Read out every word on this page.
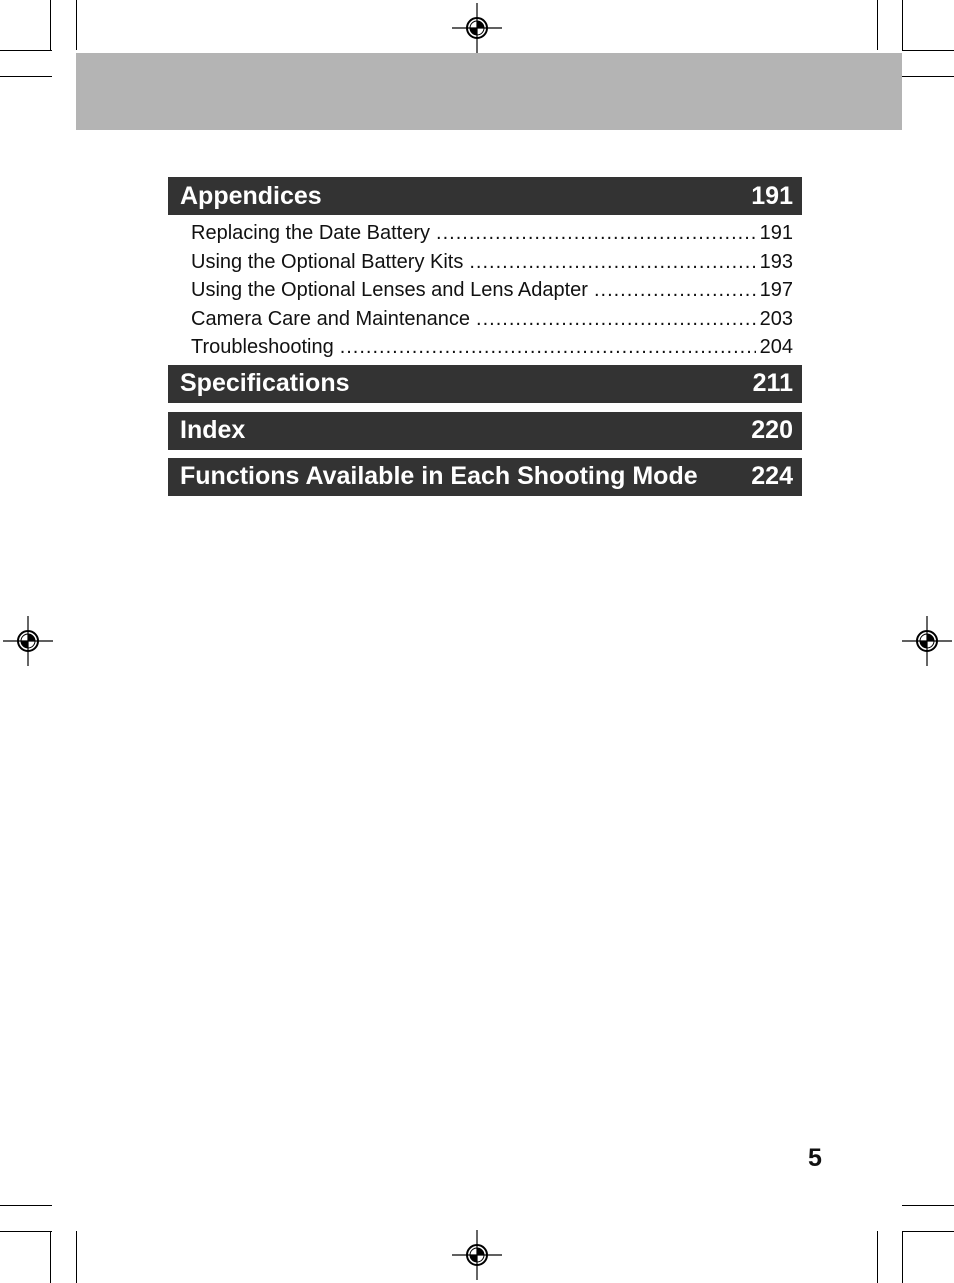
Appendices	191
Replacing the Date Battery .....	191
Using the Optional Battery Kits .....	193
Using the Optional Lenses and Lens Adapter .....	197
Camera Care and Maintenance .....	203
Troubleshooting .....	204
Specifications	211
Index	220
Functions Available in Each Shooting Mode 224
5
